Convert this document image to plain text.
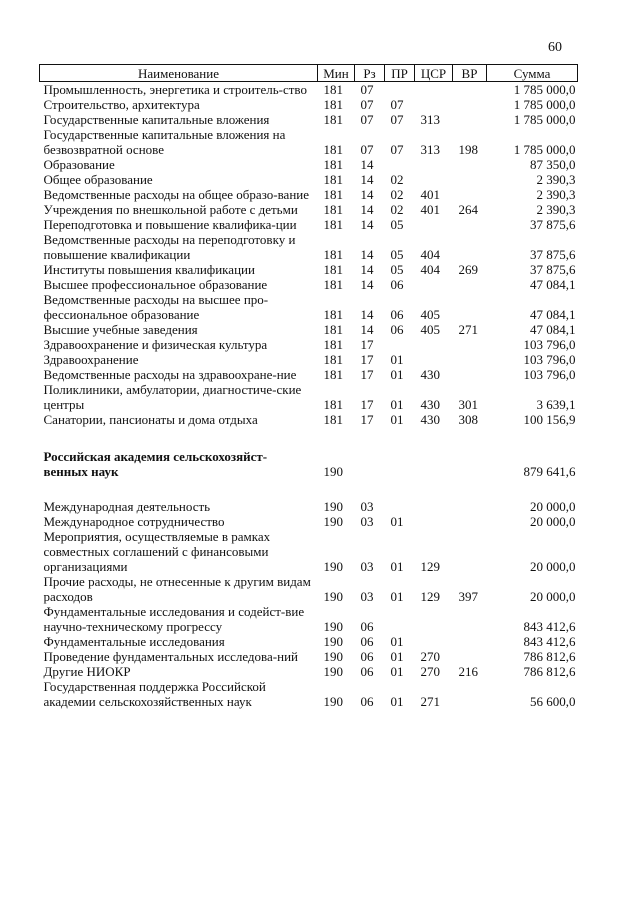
60
Наименование	Мин	Рз	ПР	ЦСР	ВР	Сумма
Промышленность, энергетика и строитель-ство	181	07				1 785 000,0
Строительство, архитектура	181	07	07			1 785 000,0
Государственные капитальные вложения	181	07	07	313		1 785 000,0
Государственные капитальные вложения на безвозвратной основе	181	07	07	313	198	1 785 000,0
Образование	181	14				87 350,0
Общее образование	181	14	02			2 390,3
Ведомственные расходы на общее образо-вание	181	14	02	401		2 390,3
Учреждения по внешкольной работе с детьми	181	14	02	401	264	2 390,3
Переподготовка и повышение квалифика-ции	181	14	05			37 875,6
Ведомственные расходы на переподготовку и повышение квалификации	181	14	05	404		37 875,6
Институты повышения квалификации	181	14	05	404	269	37 875,6
Высшее профессиональное образование	181	14	06			47 084,1
Ведомственные расходы на высшее про-фессиональное образование	181	14	06	405		47 084,1
Высшие учебные заведения	181	14	06	405	271	47 084,1
Здравоохранение и физическая культура	181	17				103 796,0
Здравоохранение	181	17	01			103 796,0
Ведомственные расходы на здравоохране-ние	181	17	01	430		103 796,0
Поликлиники, амбулатории, диагностиче-ские центры	181	17	01	430	301	3 639,1
Санатории, пансионаты и дома отдыха	181	17	01	430	308	100 156,9

Российская академия сельскохозяйст-венных наук	190					879 641,6

Международная деятельность	190	03				20 000,0
Международное сотрудничество	190	03	01			20 000,0
Мероприятия, осуществляемые в рамках совместных соглашений с финансовыми организациями	190	03	01	129		20 000,0
Прочие расходы, не отнесенные к другим видам расходов	190	03	01	129	397	20 000,0
Фундаментальные исследования и содейст-вие научно-техническому прогрессу	190	06				843 412,6
Фундаментальные исследования	190	06	01			843 412,6
Проведение фундаментальных исследова-ний	190	06	01	270		786 812,6
Другие НИОКР	190	06	01	270	216	786 812,6
Государственная поддержка Российской академии сельскохозяйственных наук	190	06	01	271		56 600,0
